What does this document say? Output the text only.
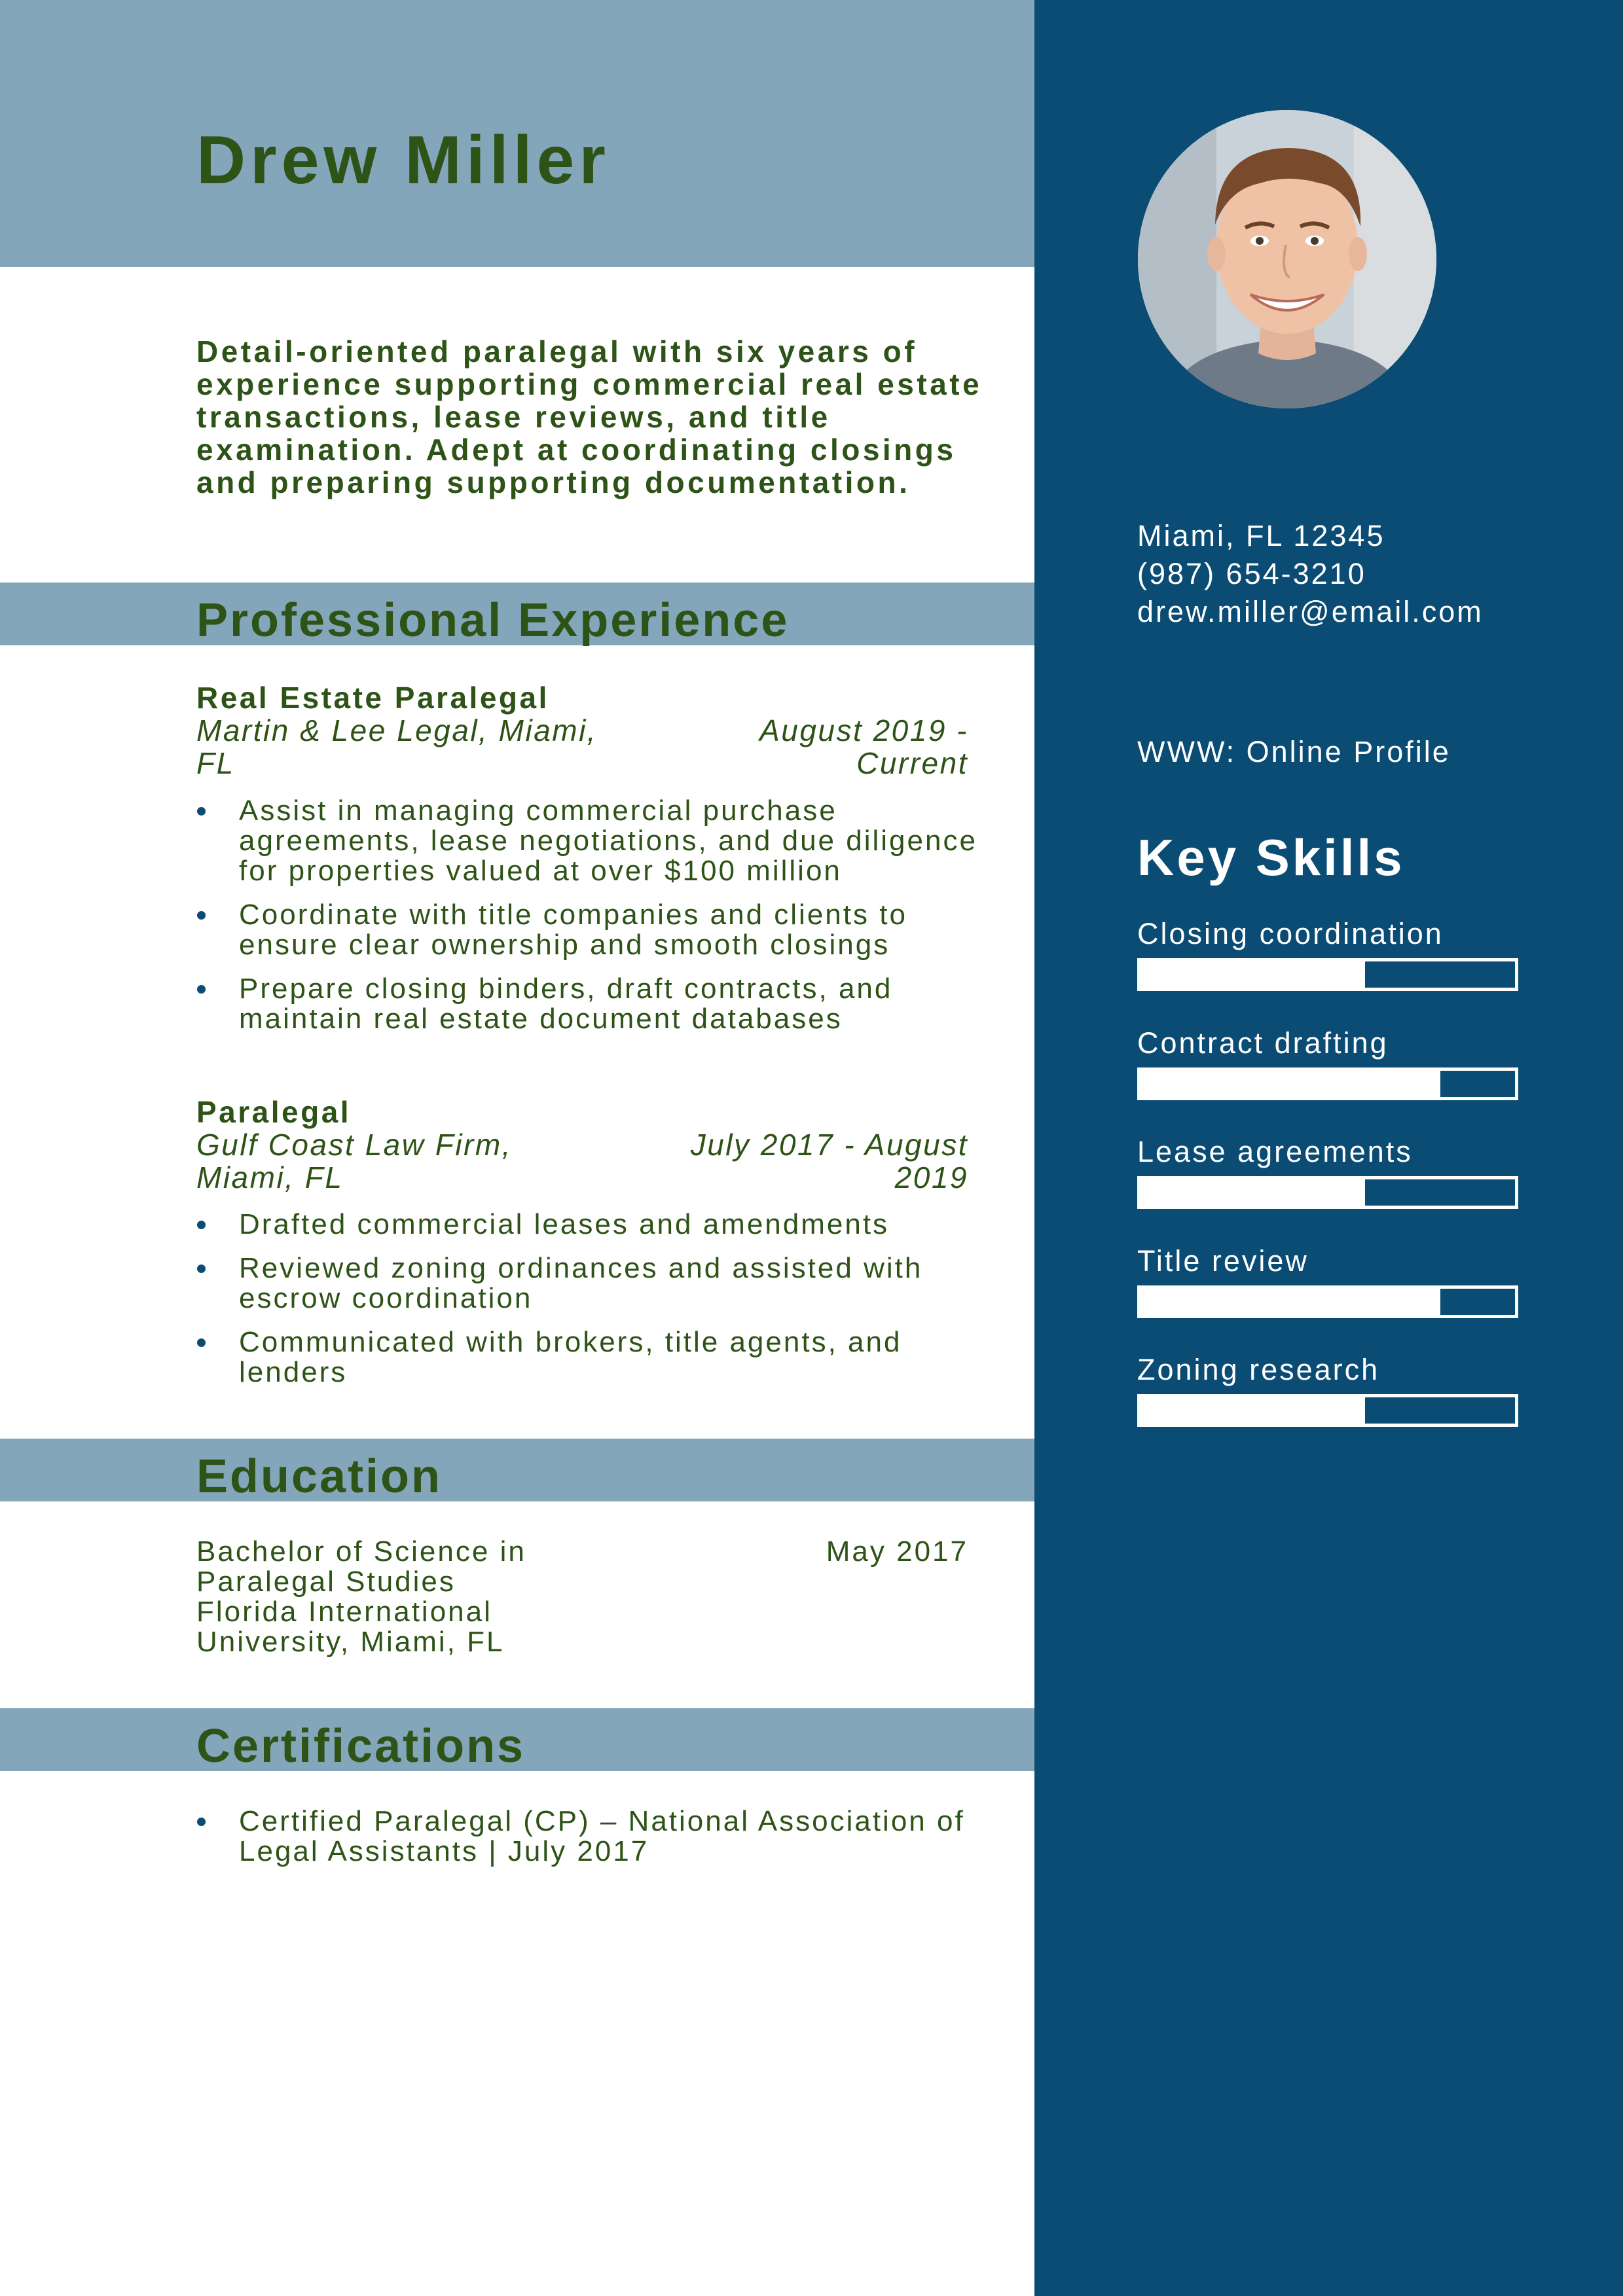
Drew Miller

Detail-oriented paralegal with six years of experience supporting commercial real estate transactions, lease reviews, and title examination. Adept at coordinating closings and preparing supporting documentation.

Professional Experience
Real Estate Paralegal

Martin & Lee Legal, Miami, FL

August 2019 - Current

Assist in managing commercial purchase agreements, lease negotiations, and due diligence for properties valued at over $100 million
Coordinate with title companies and clients to ensure clear ownership and smooth closings
Prepare closing binders, draft contracts, and maintain real estate document databases
Paralegal

Gulf Coast Law Firm, Miami, FL

July 2017 - August 2019

Drafted commercial leases and amendments
Reviewed zoning ordinances and assisted with escrow coordination
Communicated with brokers, title agents, and lenders
Education
Bachelor of Science in Paralegal Studies
Florida International University, Miami, FL

May 2017

Certifications
Certified Paralegal (CP) – National Association of Legal Assistants | July 2017

Miami, FL 12345

(987) 654-3210

drew.miller@email.com

WWW: Online Profile

Key Skills

Closing coordination

Contract drafting

Lease agreements

Title review

Zoning research
